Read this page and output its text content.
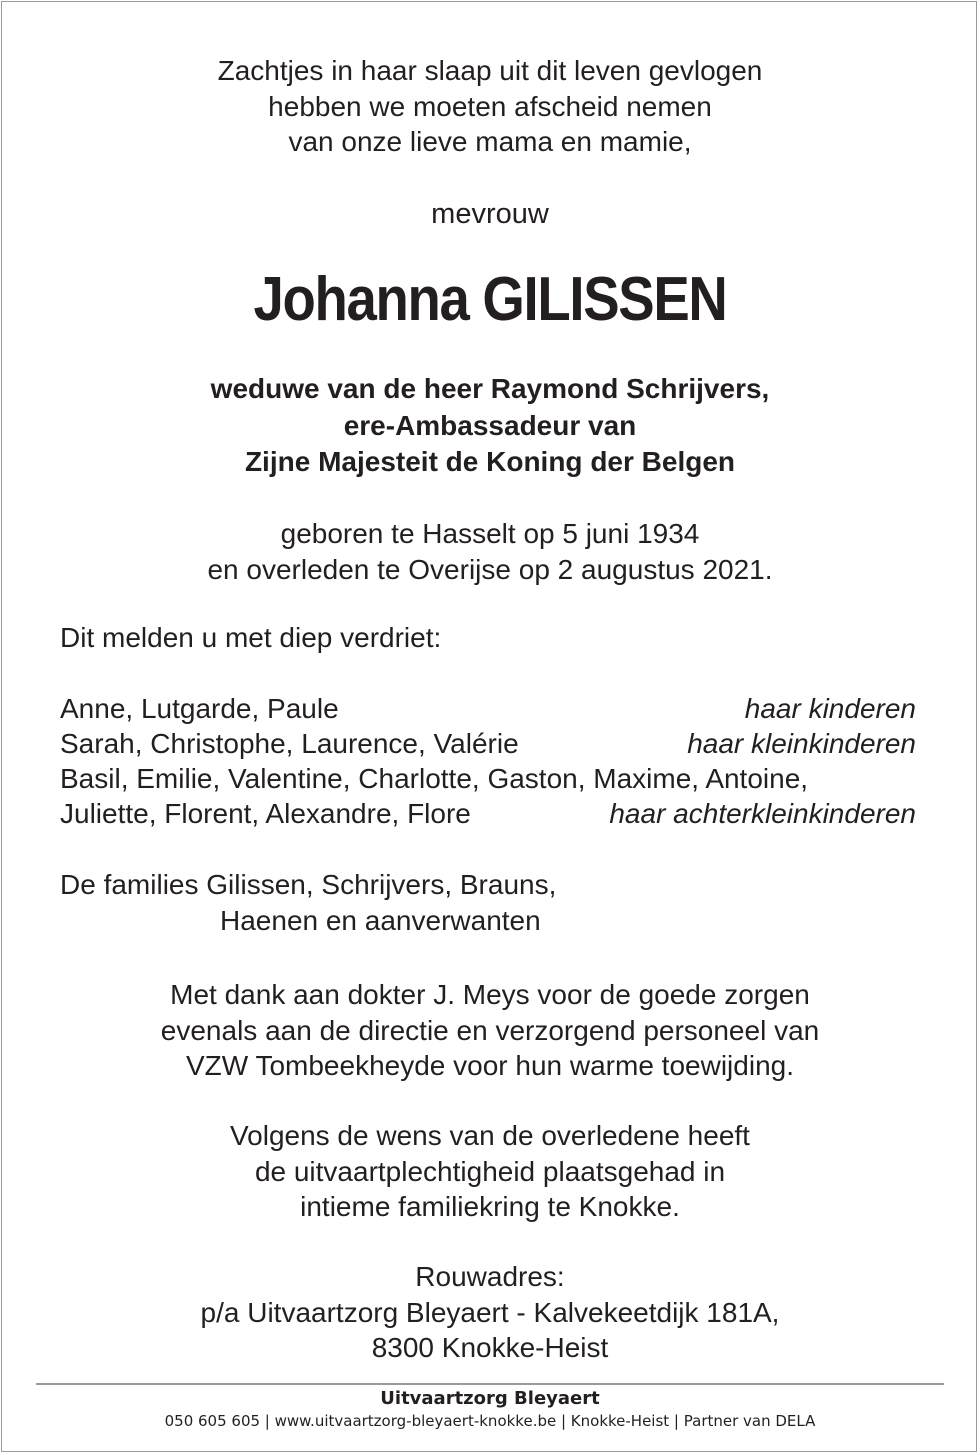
Zachtjes in haar slaap uit dit leven gevlogen
hebben we moeten afscheid nemen
van onze lieve mama en mamie,
mevrouw
Johanna GILISSEN
weduwe van de heer Raymond Schrijvers,
ere-Ambassadeur van
Zijne Majesteit de Koning der Belgen
geboren te Hasselt op 5 juni 1934
en overleden te Overijse op 2 augustus 2021.
Dit melden u met diep verdriet:
Anne, Lutgarde, Paule	haar kinderen
Sarah, Christophe, Laurence, Valérie	haar kleinkinderen
Basil, Emilie, Valentine, Charlotte, Gaston, Maxime, Antoine,
Juliette, Florent, Alexandre, Flore	haar achterkleinkinderen
De families Gilissen, Schrijvers, Brauns,
Haenen en aanverwanten
Met dank aan dokter J. Meys voor de goede zorgen
evenals aan de directie en verzorgend personeel van
VZW Tombeekheyde voor hun warme toewijding.
Volgens de wens van de overledene heeft
de uitvaartplechtigheid plaatsgehad in
intieme familiekring te Knokke.
Rouwadres:
p/a Uitvaartzorg Bleyaert - Kalvekeetdijk 181A,
8300 Knokke-Heist
Uitvaartzorg Bleyaert
050 605 605 | www.uitvaartzorg-bleyaert-knokke.be | Knokke-Heist | Partner van DELA
